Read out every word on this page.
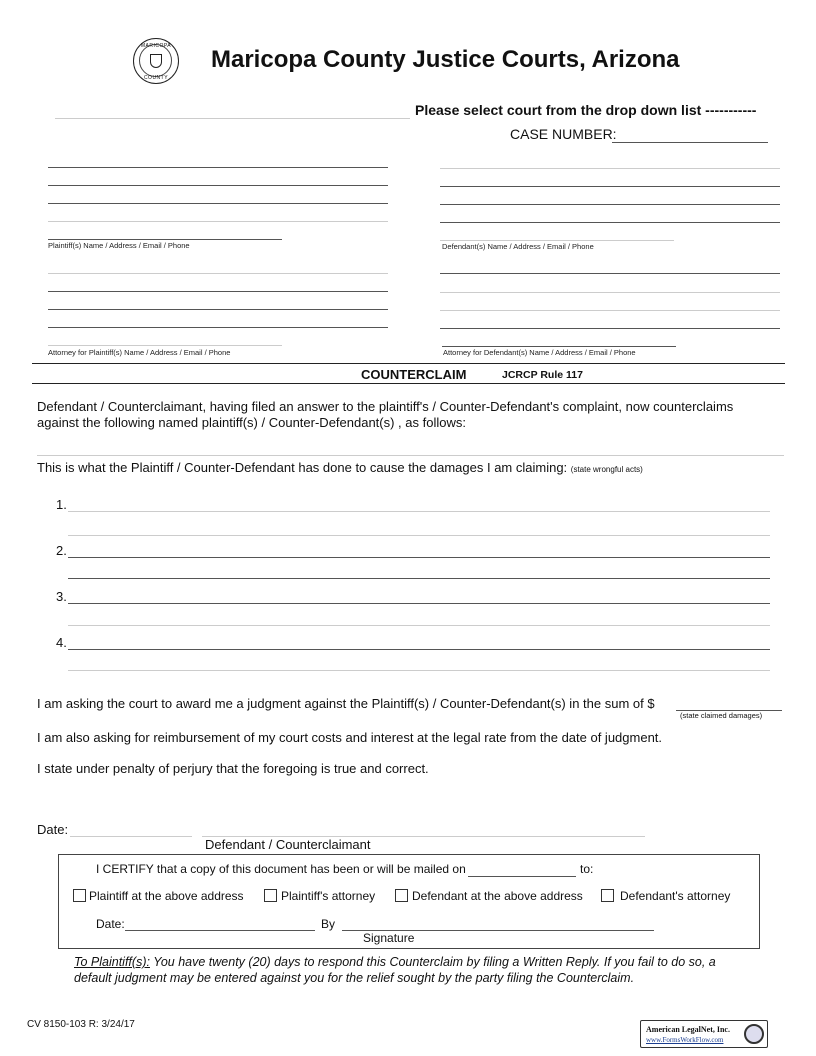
MARICOPA
COUNTY
Maricopa County Justice Courts, Arizona
Please select court from the drop down list -----------
CASE NUMBER:
Plaintiff(s) Name / Address / Email / Phone	Defendant(s) Name / Address / Email / Phone
Attorney for Plaintiff(s) Name / Address / Email / Phone	Attorney for Defendant(s) Name / Address / Email / Phone
COUNTERCLAIM	JCRCP Rule 117
Defendant / Counterclaimant, having filed an answer to the plaintiff's / Counter-Defendant's complaint, now counterclaims against the following named plaintiff(s) / Counter-Defendant(s) , as follows:
This is what the Plaintiff / Counter-Defendant has done to cause the damages I am claiming: (state wrongful acts)
1.
2.
3.
4.
I am asking the court to award me a judgment against the Plaintiff(s) / Counter-Defendant(s) in the sum of $
(state claimed damages)
I am also asking for reimbursement of my court costs and interest at the legal rate from the date of judgment.
I state under penalty of perjury that the foregoing is true and correct.
Date:
Defendant / Counterclaimant
I CERTIFY that a copy of this document has been or will be mailed on	to:
Plaintiff at the above address	Plaintiff's attorney	Defendant at the above address	Defendant's attorney
Date:	By
Signature
To Plaintiff(s): You have twenty (20) days to respond this Counterclaim by filing a Written Reply. If you fail to do so, a default judgment may be entered against you for the relief sought by the party filing the Counterclaim.
CV 8150-103 R: 3/24/17	American LegalNet, Inc.
www.FormsWorkFlow.com
